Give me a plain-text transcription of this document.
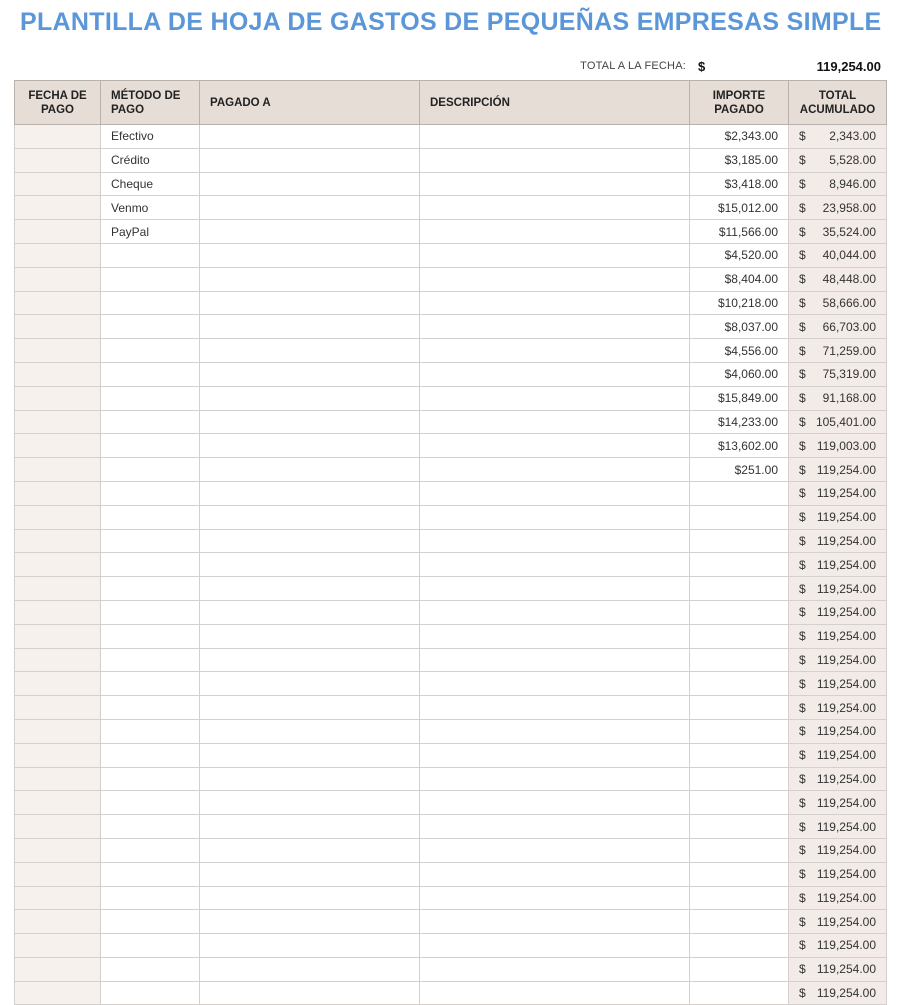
PLANTILLA DE HOJA DE GASTOS DE PEQUEÑAS EMPRESAS SIMPLE
TOTAL A LA FECHA: $	119,254.00
FECHA DE PAGO	MÉTODO DE PAGO	PAGADO A	DESCRIPCIÓN	IMPORTE PAGADO	TOTAL ACUMULADO
	Efectivo			$2,343.00	$ 2,343.00

	Crédito			$3,185.00	$ 5,528.00

	Cheque			$3,418.00	$ 8,946.00

	Venmo			$15,012.00	$ 23,958.00

	PayPal			$11,566.00	$ 35,524.00

				$4,520.00	$ 40,044.00

				$8,404.00	$ 48,448.00

				$10,218.00	$ 58,666.00

				$8,037.00	$ 66,703.00

				$4,556.00	$ 71,259.00

				$4,060.00	$ 75,319.00

				$15,849.00	$ 91,168.00

				$14,233.00	$ 105,401.00

				$13,602.00	$ 119,003.00

				$251.00	$ 119,254.00

					$ 119,254.00

					$ 119,254.00

					$ 119,254.00

					$ 119,254.00

					$ 119,254.00

					$ 119,254.00

					$ 119,254.00

					$ 119,254.00

					$ 119,254.00

					$ 119,254.00

					$ 119,254.00

					$ 119,254.00

					$ 119,254.00

					$ 119,254.00

					$ 119,254.00

					$ 119,254.00

					$ 119,254.00

					$ 119,254.00

					$ 119,254.00

					$ 119,254.00

					$ 119,254.00

					$ 119,254.00
